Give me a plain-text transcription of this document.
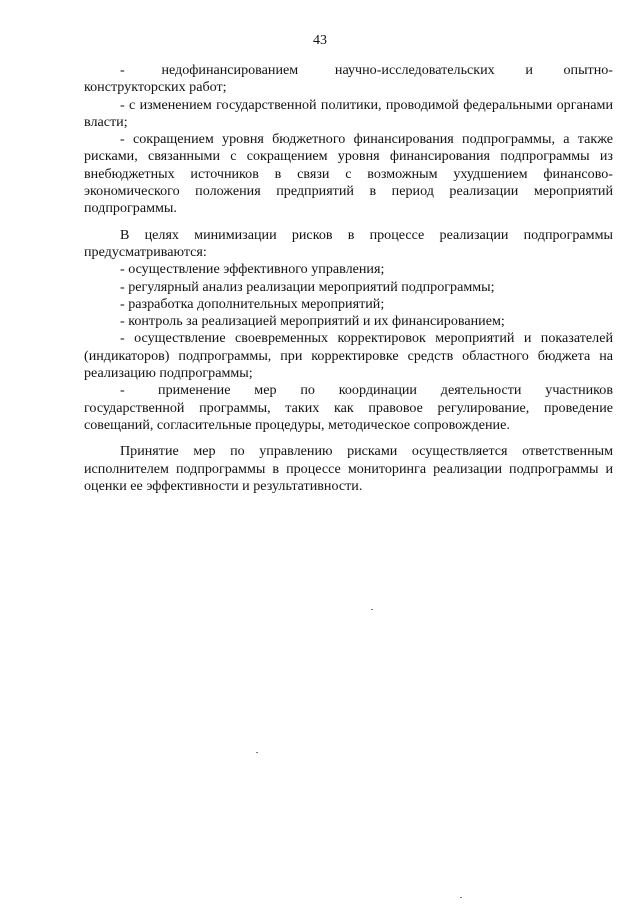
43

-      недофинансированием      научно-исследовательских     и     опытно-конструкторских работ;

- с изменением государственной политики, проводимой федеральными органами власти;

- сокращением уровня бюджетного финансирования подпрограммы, а также рисками, связанными с сокращением уровня финансирования подпрограммы из внебюджетных источников в связи с возможным ухудшением финансово-экономического положения предприятий в период реализации мероприятий подпрограммы.

В целях минимизации рисков в процессе реализации подпрограммы предусматриваются:

- осуществление эффективного управления;

- регулярный анализ реализации мероприятий подпрограммы;

- разработка дополнительных мероприятий;

- контроль за реализацией мероприятий и их финансированием;

- осуществление своевременных корректировок мероприятий и показателей (индикаторов) подпрограммы, при корректировке средств областного бюджета на реализацию подпрограммы;

-       применение     мер     по     координации     деятельности     участников государственной программы, таких как правовое регулирование, проведение совещаний, согласительные процедуры, методическое сопровождение.

Принятие мер по управлению рисками осуществляется ответственным исполнителем подпрограммы в процессе мониторинга реализации подпрограммы и оценки ее эффективности и результативности.
